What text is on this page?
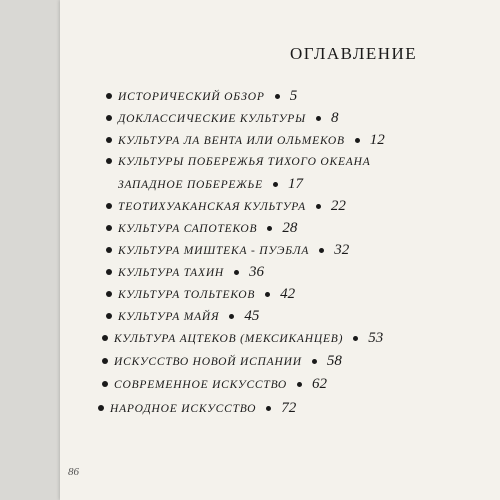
ОГЛАВЛЕНИЕ
ИСТОРИЧЕСКИЙ ОБЗОР 5
ДОКЛАССИЧЕСКИЕ КУЛЬТУРЫ 8
КУЛЬТУРА ЛА ВЕНТА ИЛИ ОЛЬМЕКОВ 12
КУЛЬТУРЫ ПОБЕРЕЖЬЯ ТИХОГО ОКЕАНА
ЗАПАДНОЕ ПОБЕРЕЖЬЕ 17
ТЕОТИХУАКАНСКАЯ КУЛЬТУРА 22
КУЛЬТУРА САПОТЕКОВ 28
КУЛЬТУРА МИШТЕКА - ПУЭБЛА 32
КУЛЬТУРА ТАХИН 36
КУЛЬТУРА ТОЛЬТЕКОВ 42
КУЛЬТУРА МАЙЯ 45
КУЛЬТУРА АЦТЕКОВ (МЕКСИКАНЦЕВ) 53
ИСКУССТВО НОВОЙ ИСПАНИИ 58
СОВРЕМЕННОЕ ИСКУССТВО 62
НАРОДНОЕ ИСКУССТВО 72
86
